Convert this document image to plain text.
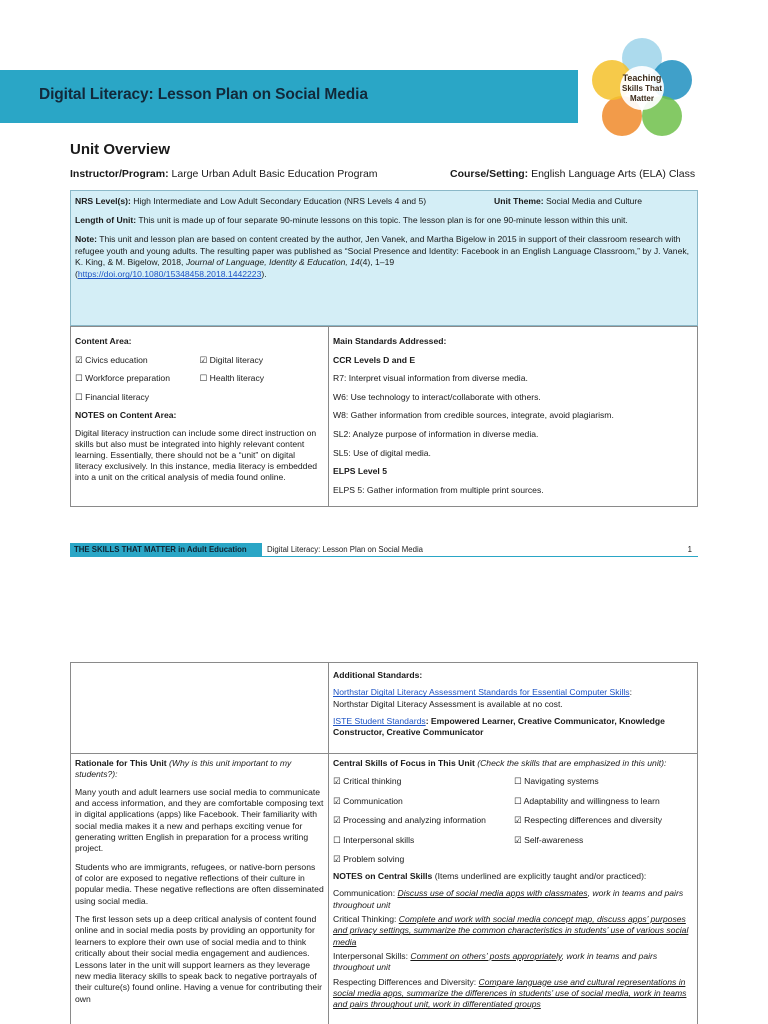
Digital Literacy: Lesson Plan on Social Media
Teaching
Skills That
Matter
Unit Overview
Instructor/Program: Large Urban Adult Basic Education Program	Course/Setting: English Language Arts (ELA) Class

NRS Level(s): High Intermediate and Low Adult Secondary Education (NRS Levels 4 and 5)	Unit Theme: Social Media and Culture

Length of Unit: This unit is made up of four separate 90-minute lessons on this topic. The lesson plan is for one 90-minute lesson within this unit.

Note: This unit and lesson plan are based on content created by the author, Jen Vanek, and Martha Bigelow in 2015 in support of their classroom research with refugee youth and young adults. The resulting paper was published as “Social Presence and Identity: Facebook in an English Language Classroom,” by J. Vanek, K. King, & M. Bigelow, 2018, Journal of Language, Identity & Education, 14(4), 1–19
(https://doi.org/10.1080/15348458.2018.1442223).

Content Area:
☑ Civics education	☑ Digital literacy
☐ Workforce preparation	☐ Health literacy
☐ Financial literacy
NOTES on Content Area:

Digital literacy instruction can include some direct instruction on skills but also must be integrated into highly relevant content learning. Essentially, there should not be a “unit” on digital literacy exclusively. In this instance, media literacy is embedded into a unit on the critical analysis of media found online.

Main Standards Addressed:
CCR Levels D and E
R7: Interpret visual information from diverse media.
W6: Use technology to interact/collaborate with others.
W8: Gather information from credible sources, integrate, avoid plagiarism.
SL2: Analyze purpose of information in diverse media.
SL5: Use of digital media.
ELPS Level 5
ELPS 5: Gather information from multiple print sources.
THE SKILLS THAT MATTER in Adult Education	Digital Literacy: Lesson Plan on Social Media	1
Additional Standards:
Northstar Digital Literacy Assessment Standards for Essential Computer Skills:
Northstar Digital Literacy Assessment is available at no cost.
ISTE Student Standards: Empowered Learner, Creative Communicator, Knowledge Constructor, Creative Communicator

Rationale for This Unit (Why is this unit important to my students?):

Many youth and adult learners use social media to communicate and access information, and they are comfortable composing text in digital applications (apps) like Facebook. Their familiarity with social media makes it a new and perhaps exciting venue for generating written English in preparation for a process writing project.

Students who are immigrants, refugees, or native-born persons of color are exposed to negative reflections of their culture in popular media. These negative reflections are often disseminated using social media.

The first lesson sets up a deep critical analysis of content found online and in social media posts by providing an opportunity for learners to explore their own use of social media and to think critically about their social media engagement and audiences. Lessons later in the unit will support learners as they leverage new media literacy skills to speak back to negative portrayals of their culture(s) found online. Having a venue for contributing their own

Central Skills of Focus in This Unit (Check the skills that are emphasized in this unit):

☑ Critical thinking	☐ Navigating systems
☑ Communication	☐ Adaptability and willingness to learn
☑ Processing and analyzing information	☑ Respecting differences and diversity
☐ Interpersonal skills	☑ Self-awareness
☑ Problem solving

NOTES on Central Skills (Items underlined are explicitly taught and/or practiced):

Communication: Discuss use of social media apps with classmates, work in teams and pairs throughout unit

Critical Thinking: Complete and work with social media concept map, discuss apps’ purposes and privacy settings, summarize the common characteristics in students’ use of various social media

Interpersonal Skills: Comment on others’ posts appropriately, work in teams and pairs throughout unit

Respecting Differences and Diversity: Compare language use and cultural representations in social media apps, summarize the differences in students’ use of social media, work in teams and pairs throughout unit, work in differentiated groups
